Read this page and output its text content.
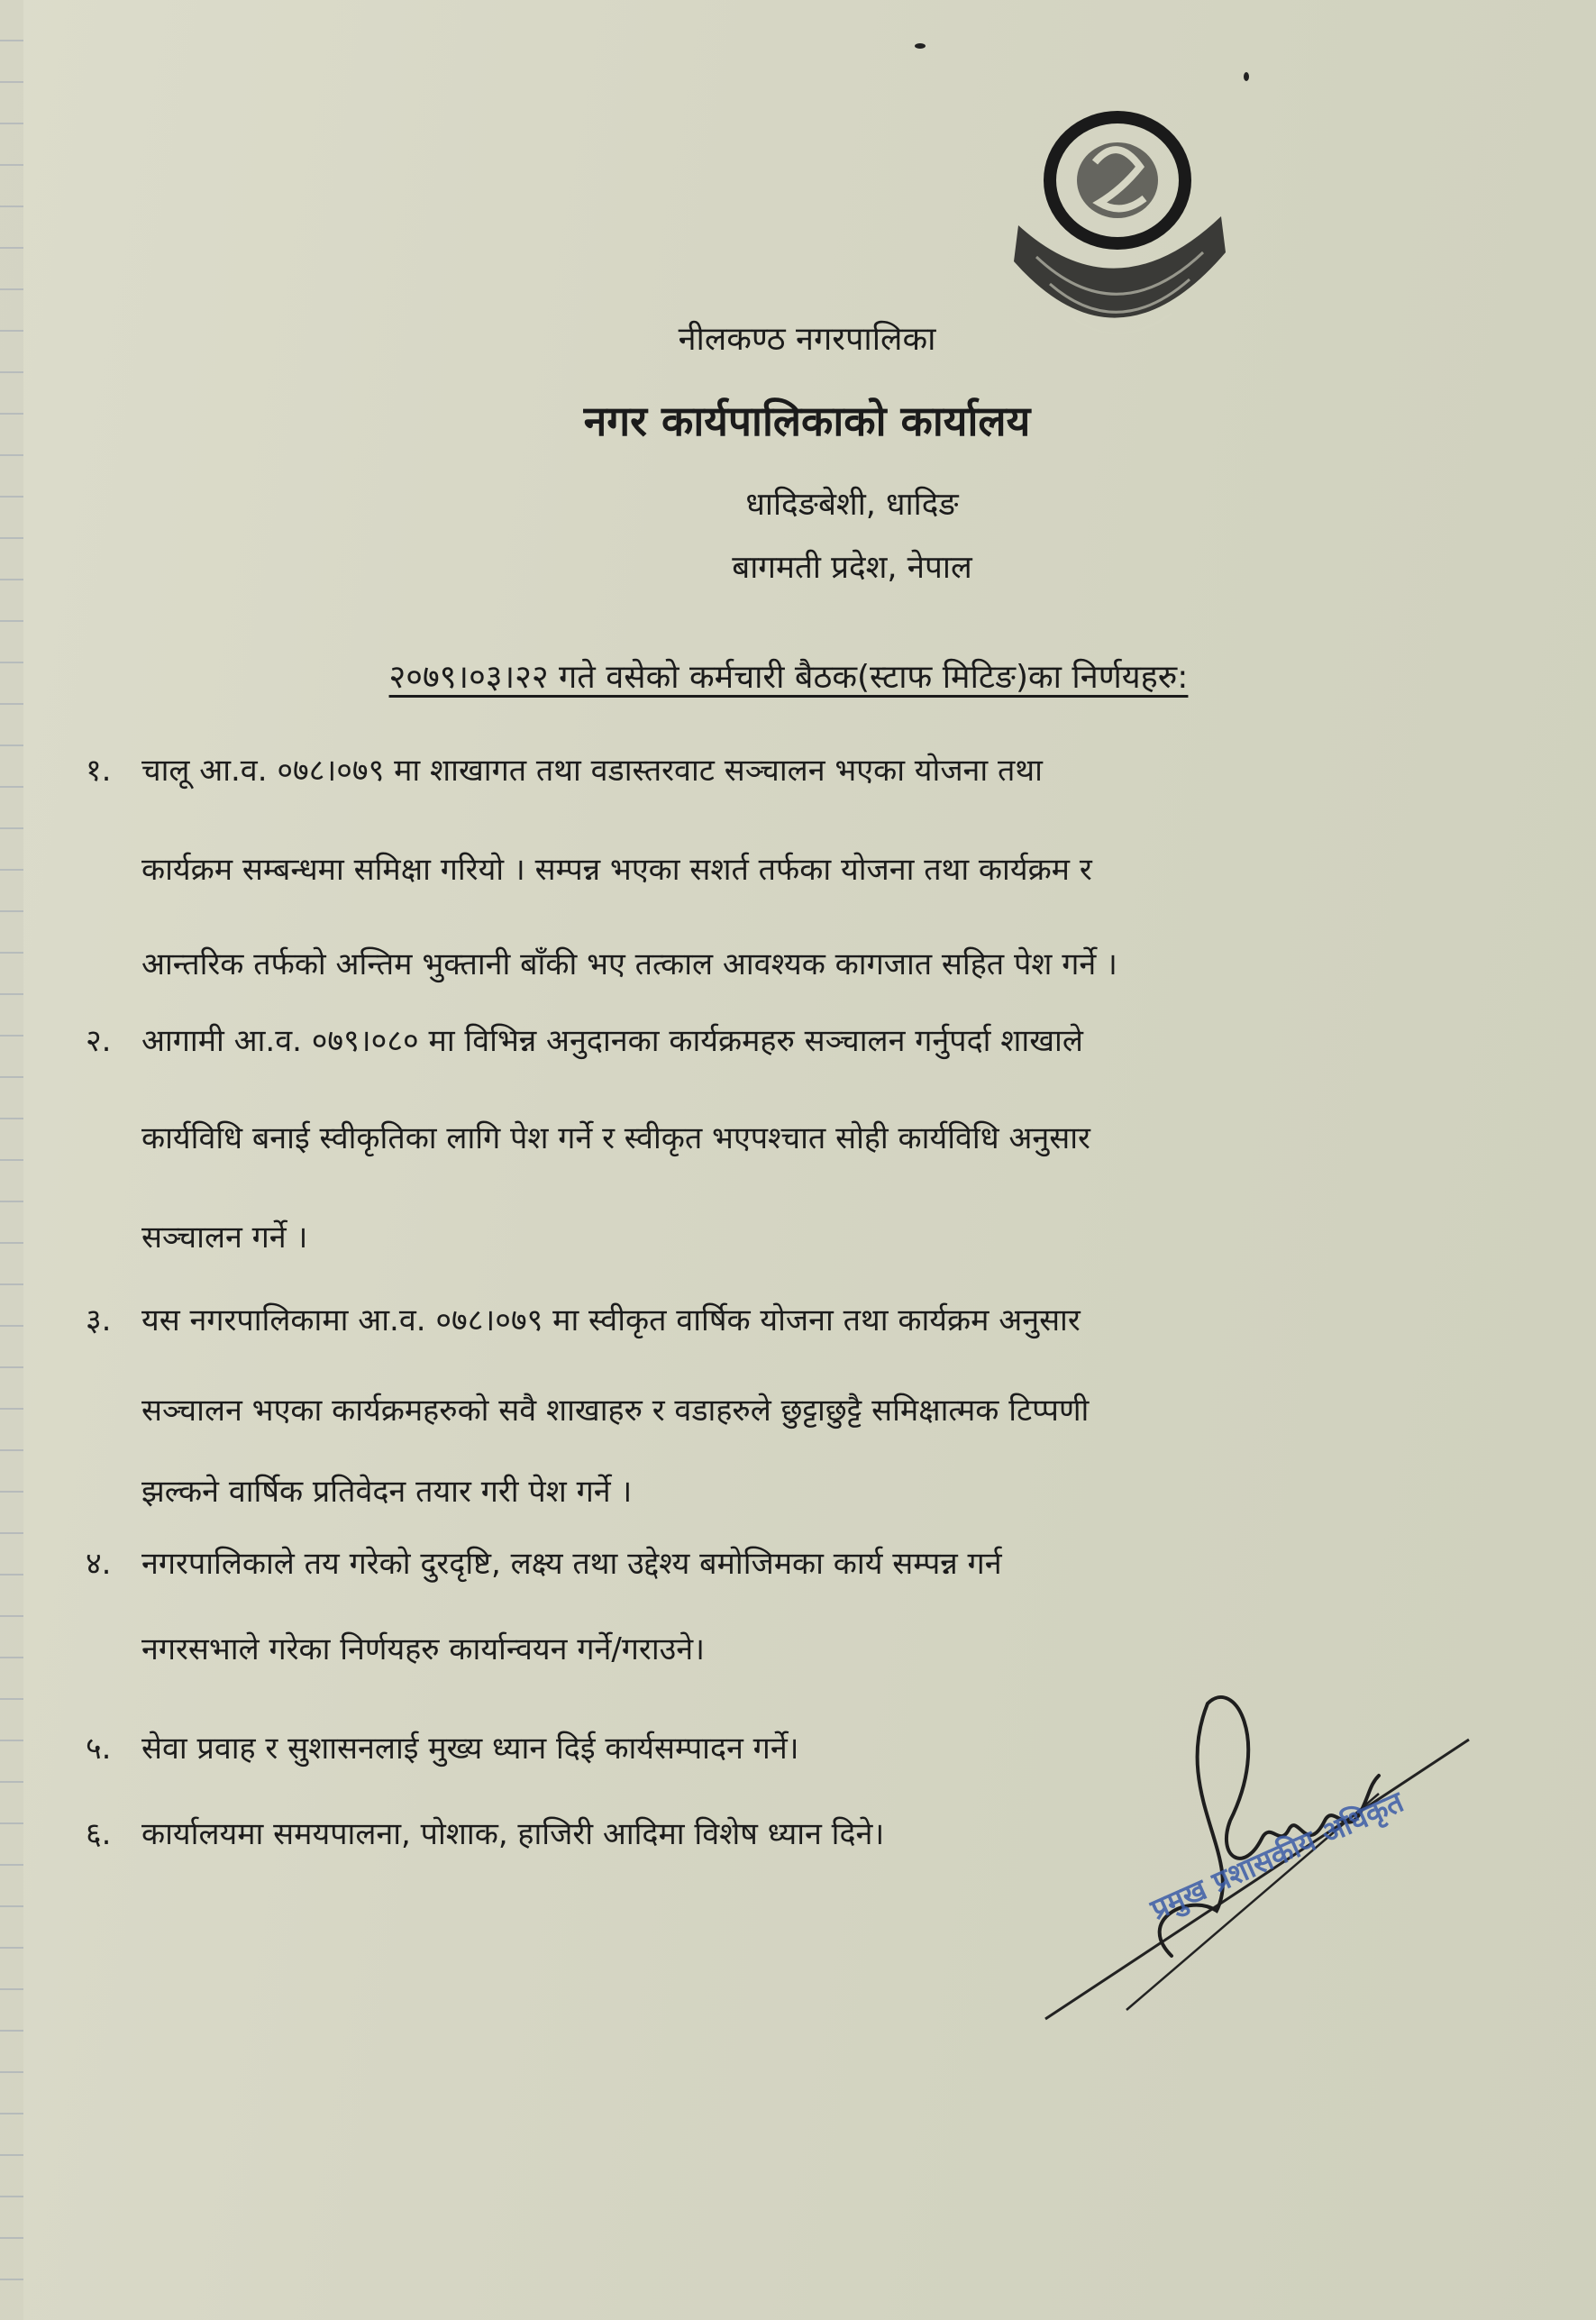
नीलकण्ठ नगरपालिका
नगर कार्यपालिकाको कार्यालय
धादिङबेशी, धादिङ
बागमती प्रदेश, नेपाल
२०७९।०३।२२ गते वसेको कर्मचारी बैठक(स्टाफ मिटिङ)का निर्णयहरु:
१. चालू आ.व. ०७८।०७९ मा शाखागत तथा वडास्तरवाट सञ्चालन भएका योजना तथा
कार्यक्रम सम्बन्धमा समिक्षा गरियो । सम्पन्न भएका सशर्त तर्फका योजना तथा कार्यक्रम र
आन्तरिक तर्फको अन्तिम भुक्तानी बाँकी भए तत्काल आवश्यक कागजात सहित पेश गर्ने ।
२. आगामी आ.व. ०७९।०८० मा विभिन्न अनुदानका कार्यक्रमहरु सञ्चालन गर्नुपर्दा शाखाले
कार्यविधि बनाई स्वीकृतिका लागि पेश गर्ने र स्वीकृत भएपश्चात सोही कार्यविधि अनुसार
सञ्चालन गर्ने ।
३. यस नगरपालिकामा आ.व. ०७८।०७९ मा स्वीकृत वार्षिक योजना तथा कार्यक्रम अनुसार
सञ्चालन भएका कार्यक्रमहरुको सवै शाखाहरु र वडाहरुले छुट्टाछुट्टै समिक्षात्मक टिप्पणी
झल्कने वार्षिक प्रतिवेदन तयार गरी पेश गर्ने ।
४. नगरपालिकाले तय गरेको दुरदृष्टि, लक्ष्य तथा उद्देश्य बमोजिमका कार्य सम्पन्न गर्न
नगरसभाले गरेका निर्णयहरु कार्यान्वयन गर्ने/गराउने।
५. सेवा प्रवाह र सुशासनलाई मुख्य ध्यान दिई कार्यसम्पादन गर्ने।
६. कार्यालयमा समयपालना, पोशाक, हाजिरी आदिमा विशेष ध्यान दिने।	प्रमुख प्रशासकीय अधिकृत
